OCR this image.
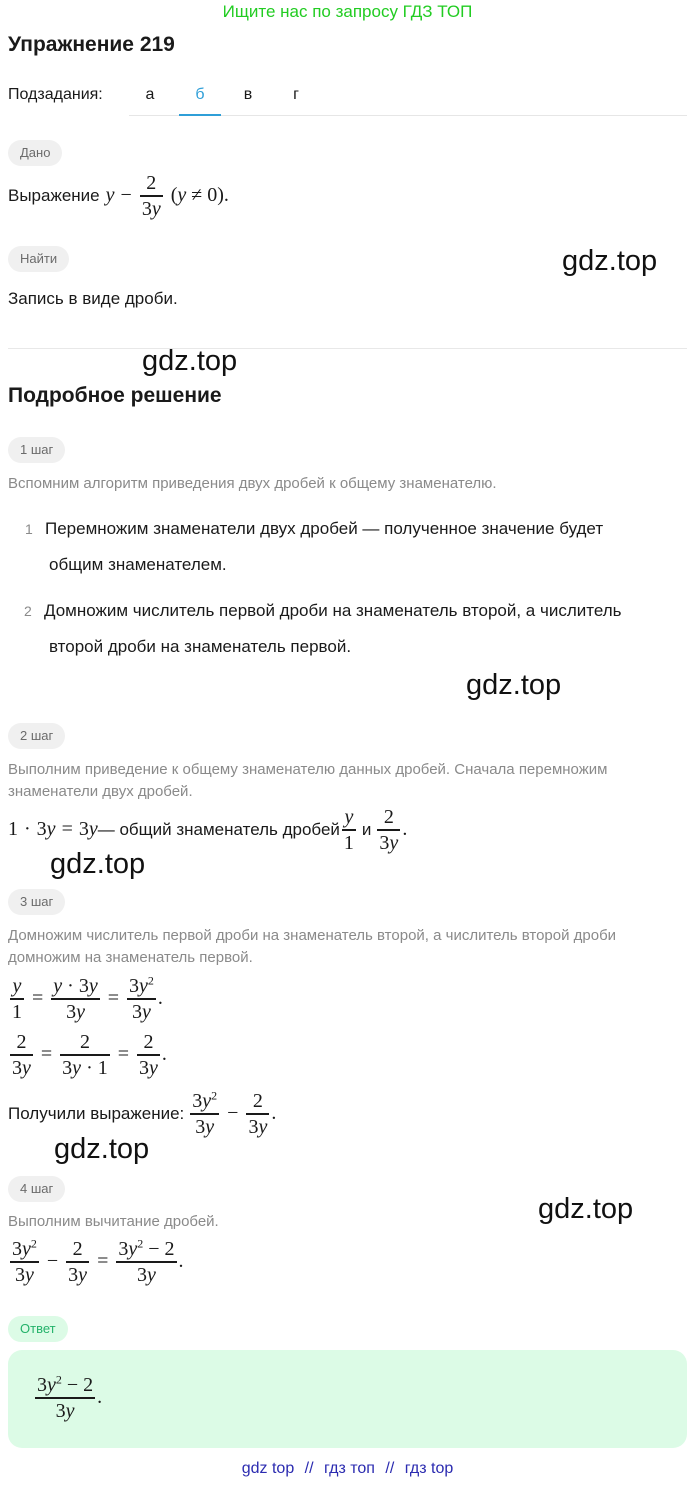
Ищите нас по запросу ГДЗ ТОП
Упражнение 219
Подзадания:	а	б	в	г
Дано
Выражение $y - \frac{2}{3y} (y \ne 0)$.
Найти
Запись в виде дроби.
gdz.top
gdz.top
Подробное решение
1 шаг
Вспомним алгоритм приведения двух дробей к общему знаменателю.
1 Перемножим знаменатели двух дробей — полученное значение будет
общим знаменателем.
2 Домножим числитель первой дроби на знаменатель второй, а числитель
второй дроби на знаменатель первой.
gdz.top
2 шаг
Выполним приведение к общему знаменателю данных дробей. Сначала перемножим
знаменатели двух дробей.
1 · 3 y = 3 y — общий знаменатель дробей $\frac{y}{1}$ и $\frac{2}{3y}$ .
gdz.top
3 шаг
Домножим числитель первой дроби на знаменатель второй, а числитель второй дроби
домножим на знаменатель первой.
$\frac{y}{1} = \frac{y \cdot 3y}{3y} = \frac{3y^2}{3y}$ .
$\frac{2}{3y} = \frac{2}{3y \cdot 1} = \frac{2}{3y}$ .
Получили выражение: $\frac{3y^2}{3y} - \frac{2}{3y}$ .
gdz.top
4 шаг
gdz.top
Выполним вычитание дробей.
$\frac{3y^2}{3y} - \frac{2}{3y} = \frac{3y^2 - 2}{3y}$ .
Ответ
$\frac{3y^2 - 2}{3y}$ .
gdz top // гдз топ // гдз top
